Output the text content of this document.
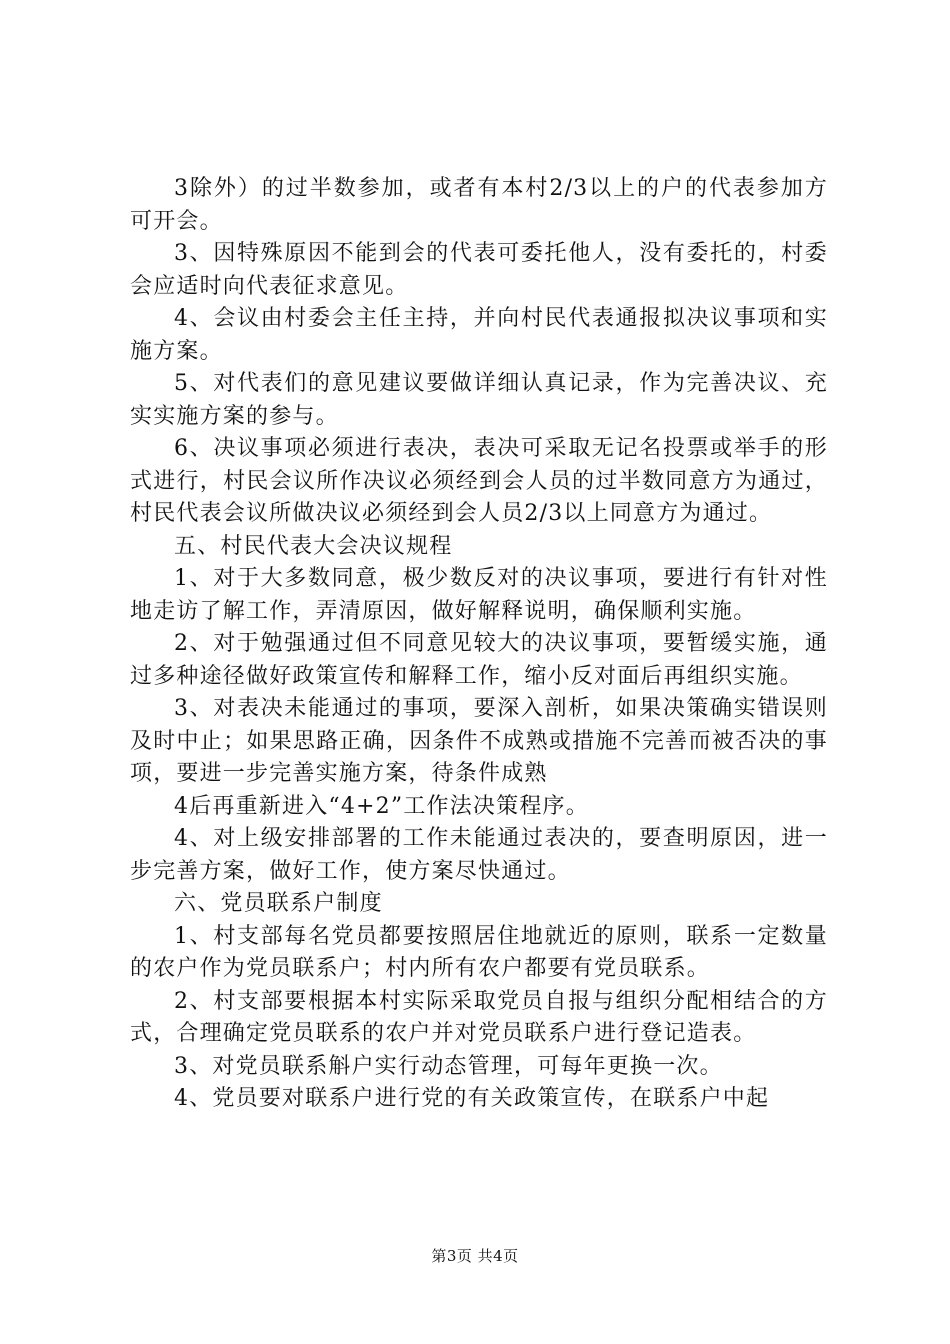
3除外）的过半数参加，或者有本村2/3以上的户的代表参加方可开会。

3、因特殊原因不能到会的代表可委托他人，没有委托的，村委会应适时向代表征求意见。

4、会议由村委会主任主持，并向村民代表通报拟决议事项和实施方案。

5、对代表们的意见建议要做详细认真记录，作为完善决议、充实实施方案的参与。

6、决议事项必须进行表决，表决可采取无记名投票或举手的形式进行，村民会议所作决议必须经到会人员的过半数同意方为通过，村民代表会议所做决议必须经到会人员2/3以上同意方为通过。

五、村民代表大会决议规程

1、对于大多数同意，极少数反对的决议事项，要进行有针对性地走访了解工作，弄清原因，做好解释说明，确保顺利实施。

2、对于勉强通过但不同意见较大的决议事项，要暂缓实施，通过多种途径做好政策宣传和解释工作，缩小反对面后再组织实施。

3、对表决未能通过的事项，要深入剖析，如果决策确实错误则及时中止；如果思路正确，因条件不成熟或措施不完善而被否决的事项，要进一步完善实施方案，待条件成熟

4后再重新进入“4+2”工作法决策程序。

4、对上级安排部署的工作未能通过表决的，要查明原因，进一步完善方案，做好工作，使方案尽快通过。

六、党员联系户制度

1、村支部每名党员都要按照居住地就近的原则，联系一定数量的农户作为党员联系户；村内所有农户都要有党员联系。

2、村支部要根据本村实际采取党员自报与组织分配相结合的方式，合理确定党员联系的农户并对党员联系户进行登记造表。

3、对党员联系斛户实行动态管理，可每年更换一次。

4、党员要对联系户进行党的有关政策宣传，在联系户中起

第3页 共4页
